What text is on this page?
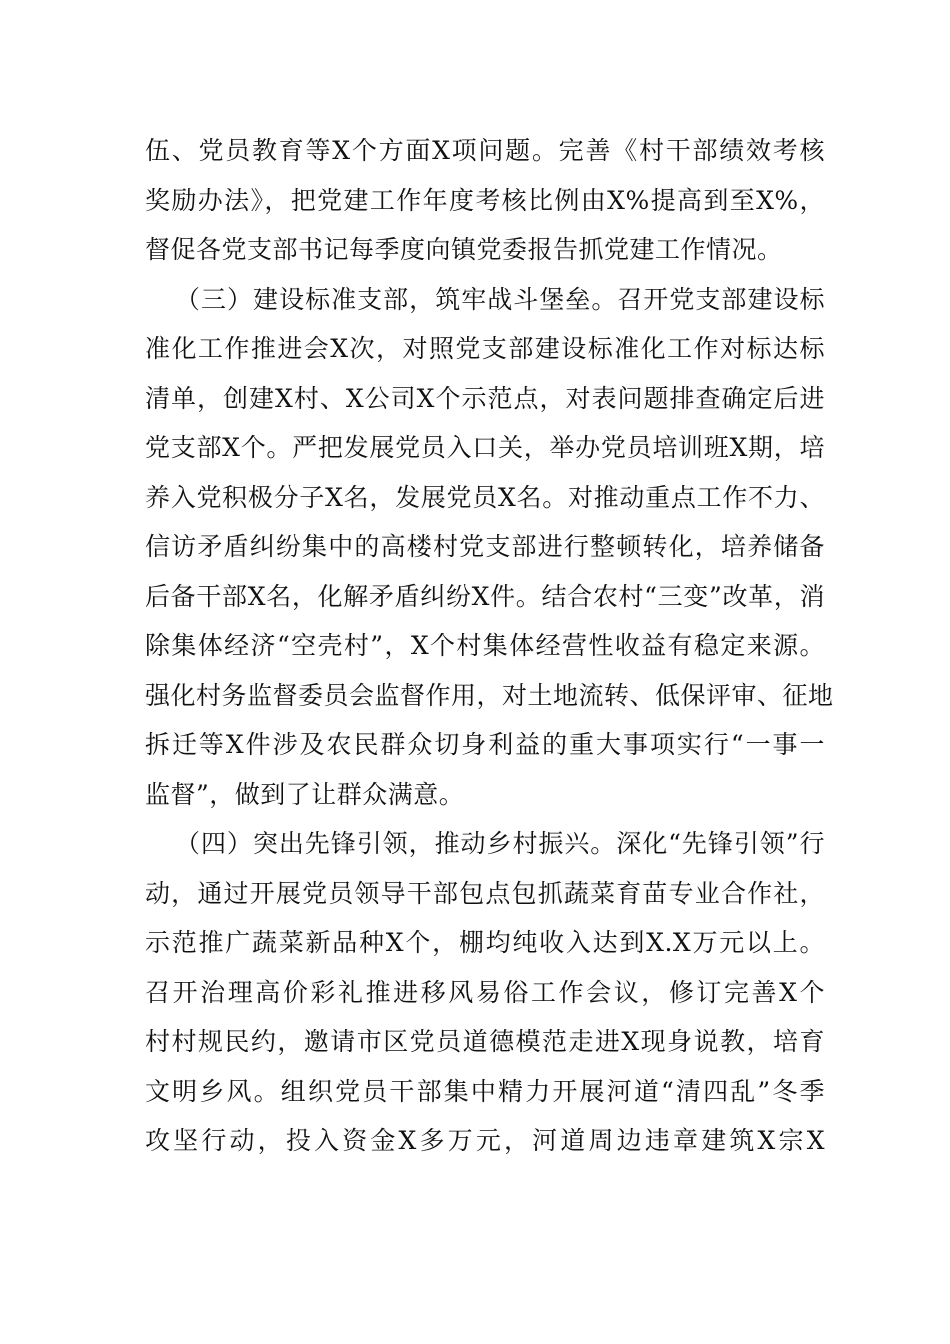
伍、党员教育等X个方面X项问题。完善《村干部绩效考核
奖励办法》，把党建工作年度考核比例由X%提高到至X%，
督促各党支部书记每季度向镇党委报告抓党建工作情况。
（三）建设标准支部，筑牢战斗堡垒。召开党支部建设标
准化工作推进会X次，对照党支部建设标准化工作对标达标
清单，创建X村、X公司X个示范点，对表问题排查确定后进
党支部X个。严把发展党员入口关，举办党员培训班X期，培
养入党积极分子X名，发展党员X名。对推动重点工作不力、
信访矛盾纠纷集中的高楼村党支部进行整顿转化，培养储备
后备干部X名，化解矛盾纠纷X件。结合农村“三变”改革，消
除集体经济“空壳村”，X个村集体经营性收益有稳定来源。
强化村务监督委员会监督作用，对土地流转、低保评审、征地
拆迁等X件涉及农民群众切身利益的重大事项实行“一事一
监督”，做到了让群众满意。
（四）突出先锋引领，推动乡村振兴。深化“先锋引领”行
动，通过开展党员领导干部包点包抓蔬菜育苗专业合作社，
示范推广蔬菜新品种X个，棚均纯收入达到X.X万元以上。
召开治理高价彩礼推进移风易俗工作会议，修订完善X个
村村规民约，邀请市区党员道德模范走进X现身说教，培育
文明乡风。组织党员干部集中精力开展河道“清四乱”冬季
攻坚行动，投入资金X多万元，河道周边违章建筑X宗X
